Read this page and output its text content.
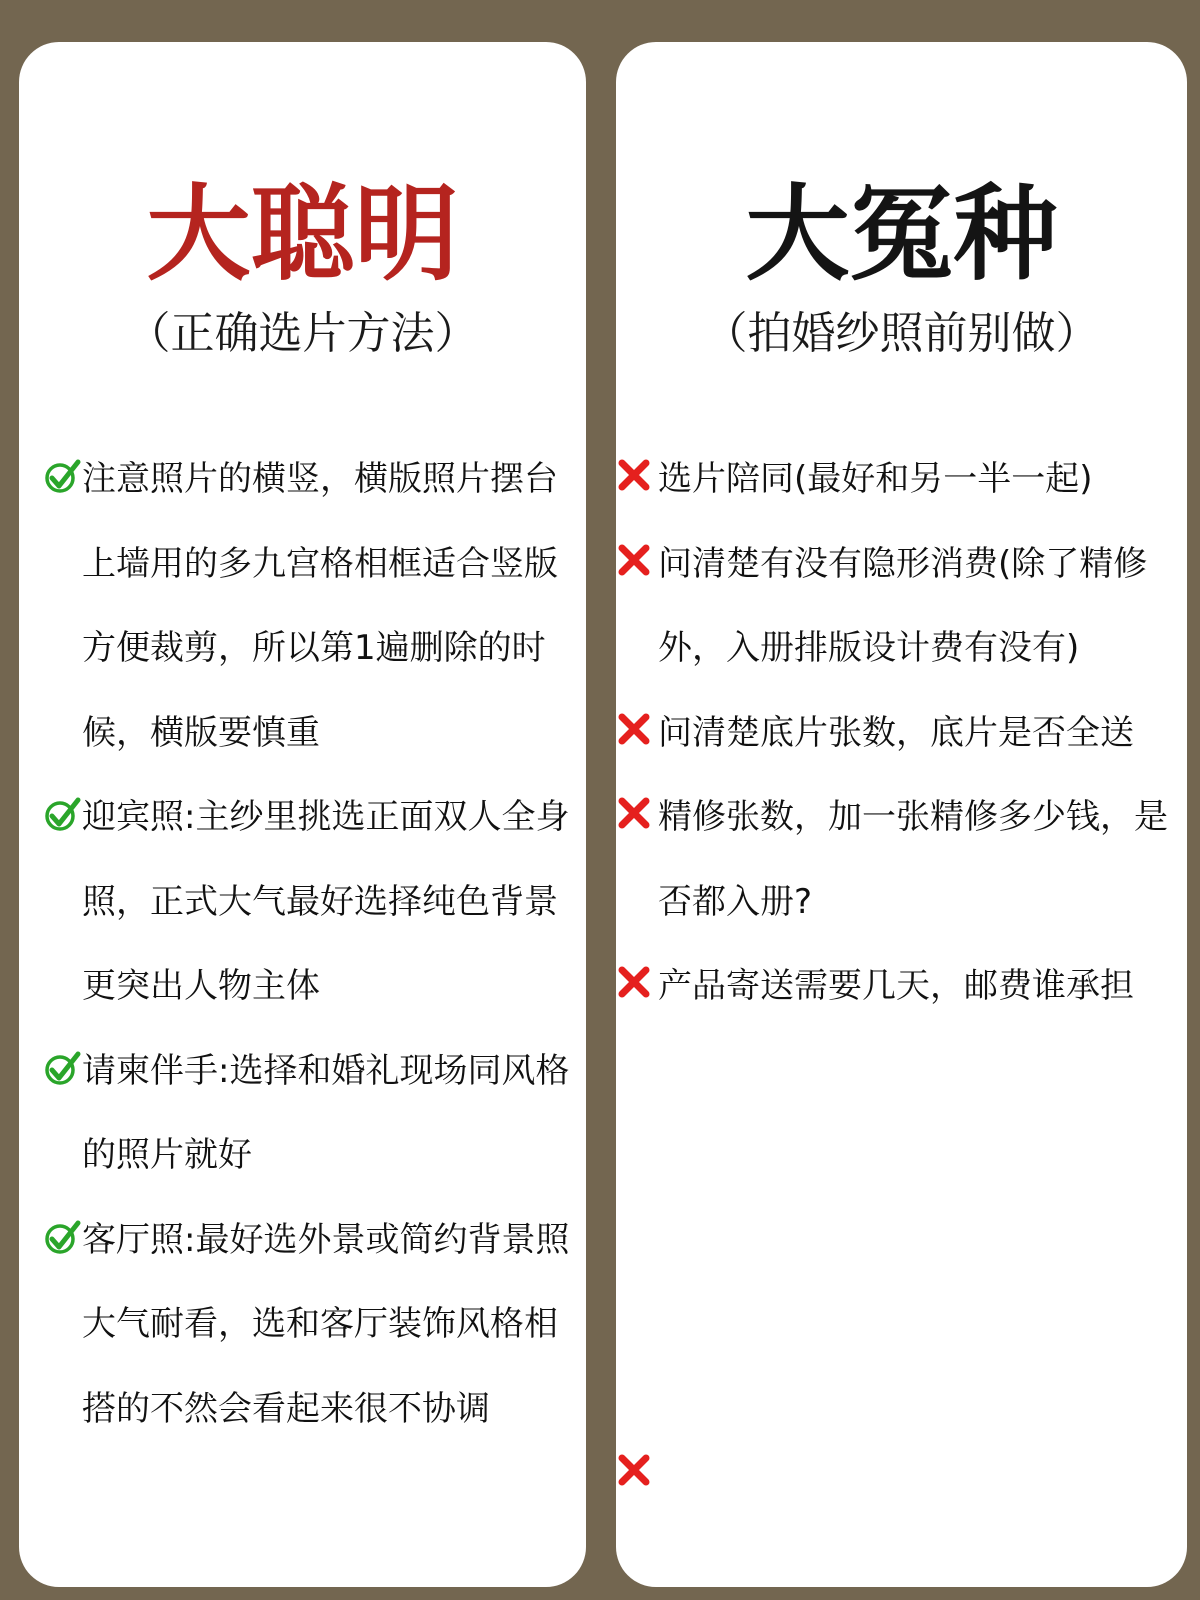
大聪明
（正确选片方法）
注意照片的横竖，横版照片摆台上墙用的多九宫格相框适合竖版方便裁剪，所以第1遍删除的时候，横版要慎重
迎宾照:主纱里挑选正面双人全身照，正式大气最好选择纯色背景更突出人物主体
请柬伴手:选择和婚礼现场同风格的照片就好
客厅照:最好选外景或简约背景照大气耐看，选和客厅装饰风格相搭的不然会看起来很不协调
大冤种
（拍婚纱照前别做）
选片陪同(最好和另一半一起)
问清楚有没有隐形消费(除了精修外，入册排版设计费有没有)
问清楚底片张数，底片是否全送
精修张数，加一张精修多少钱，是否都入册?
产品寄送需要几天，邮费谁承担
